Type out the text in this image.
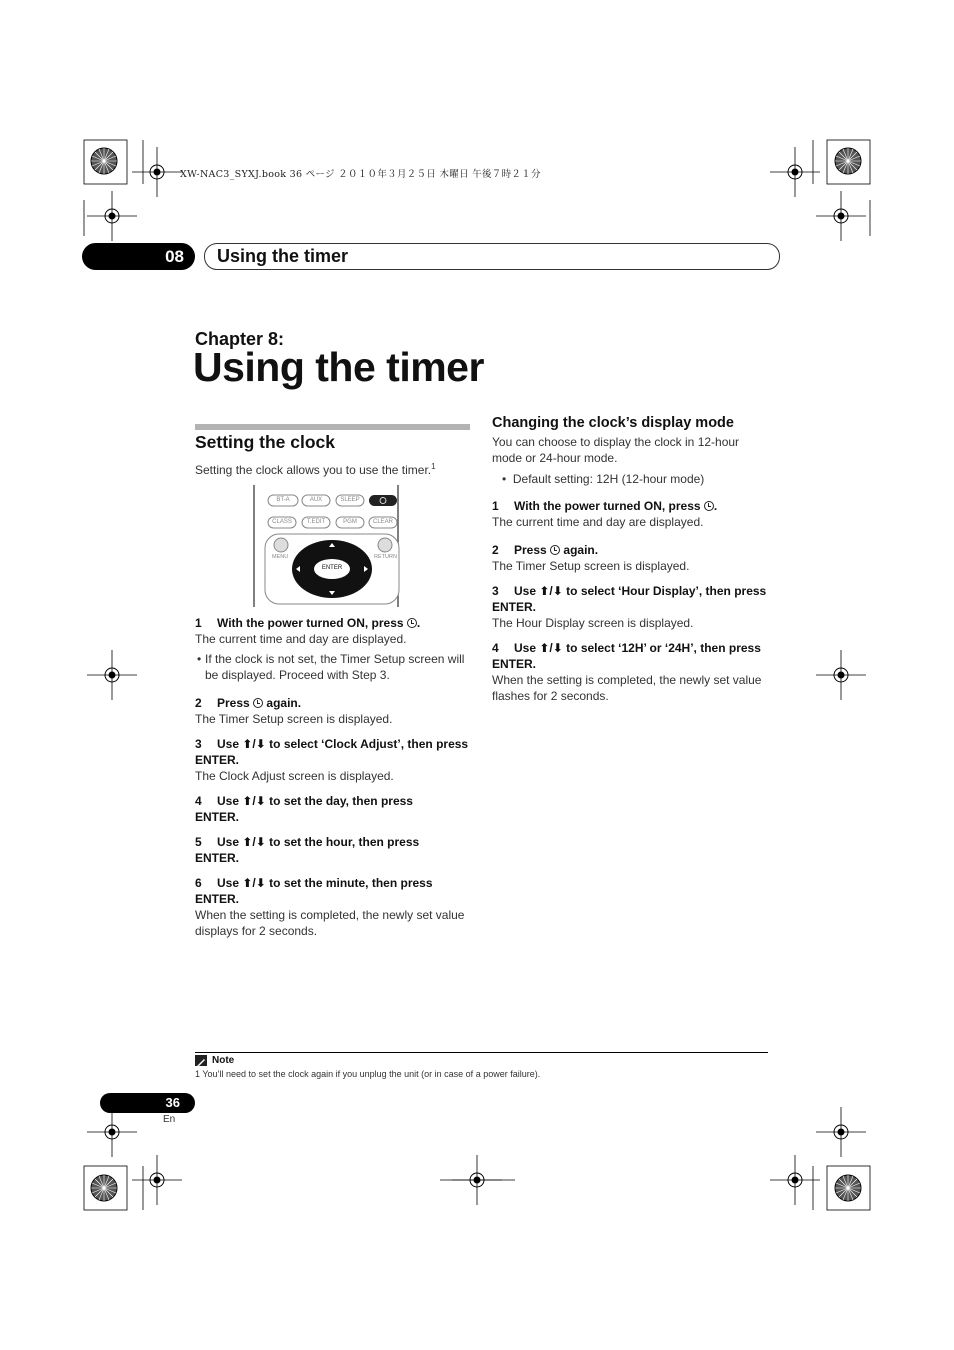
XW-NAC3_SYXJ.book 36 ページ ２０１０年３月２５日 木曜日 午後７時２１分
08	Using the timer
Chapter 8:
Using the timer
Setting the clock
Setting the clock allows you to use the timer.$^1$
BT-A	AUX	SLEEP
CLASS	T.EDIT	PGM	CLEAR
MENU	RETURN
ENTER
1 With the power turned ON, press .
The current time and day are displayed.
• If the clock is not set, the Timer Setup screen will be displayed. Proceed with Step 3.
2 Press again.
The Timer Setup screen is displayed.
3 Use ⬆/⬇ to select ‘Clock Adjust’, then press ENTER.
The Clock Adjust screen is displayed.
4 Use ⬆/⬇ to set the day, then press ENTER.
5 Use ⬆/⬇ to set the hour, then press ENTER.
6 Use ⬆/⬇ to set the minute, then press ENTER.
When the setting is completed, the newly set value displays for 2 seconds.
Changing the clock’s display mode
You can choose to display the clock in 12-hour mode or 24-hour mode.
• Default setting: 12H (12-hour mode)
1 With the power turned ON, press .
The current time and day are displayed.
2 Press again.
The Timer Setup screen is displayed.
3 Use ⬆/⬇ to select ‘Hour Display’, then press ENTER.
The Hour Display screen is displayed.
4 Use ⬆/⬇ to select ‘12H’ or ‘24H’, then press ENTER.
When the setting is completed, the newly set value flashes for 2 seconds.
Note
1 You’ll need to set the clock again if you unplug the unit (or in case of a power failure).
36
En
